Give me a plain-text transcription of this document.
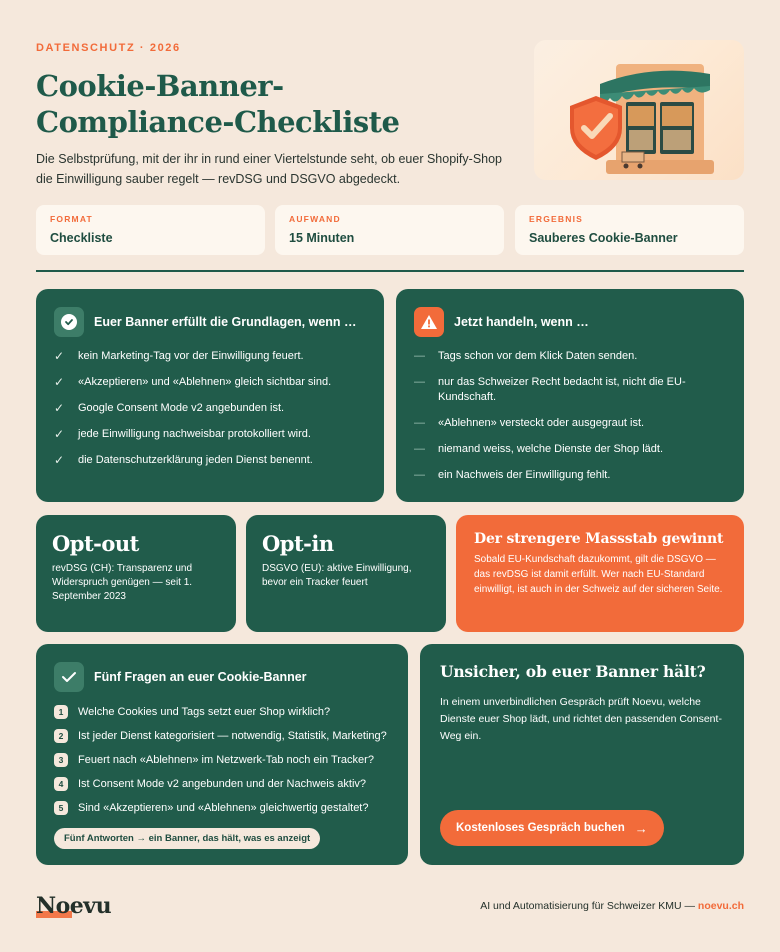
DATENSCHUTZ · 2026
Cookie-Banner-Compliance-Checkliste

Die Selbstprüfung, mit der ihr in rund einer Viertelstunde seht, ob euer Shopify-Shop die Einwilligung sauber regelt — revDSG und DSGVO abgedeckt.

FORMAT
Checkliste
AUFWAND
15 Minuten
ERGEBNIS
Sauberes Cookie-Banner
Euer Banner erfüllt die Grundlagen, wenn …
✓	kein Marketing-Tag vor der Einwilligung feuert.
✓	«Akzeptieren» und «Ablehnen» gleich sichtbar sind.
✓	Google Consent Mode v2 angebunden ist.
✓	jede Einwilligung nachweisbar protokolliert wird.
✓	die Datenschutzerklärung jeden Dienst benennt.
Jetzt handeln, wenn …
—	Tags schon vor dem Klick Daten senden.
—	nur das Schweizer Recht bedacht ist, nicht die EU-Kundschaft.
—	«Ablehnen» versteckt oder ausgegraut ist.
—	niemand weiss, welche Dienste der Shop lädt.
—	ein Nachweis der Einwilligung fehlt.
Opt-out
revDSG (CH): Transparenz und Widerspruch genügen — seit 1. September 2023
Opt-in
DSGVO (EU): aktive Einwilligung, bevor ein Tracker feuert
Der strengere Massstab gewinnt
Sobald EU-Kundschaft dazukommt, gilt die DSGVO — das revDSG ist damit erfüllt. Wer nach EU-Standard einwilligt, ist auch in der Schweiz auf der sicheren Seite.
Fünf Fragen an euer Cookie-Banner
1	Welche Cookies und Tags setzt euer Shop wirklich?
2	Ist jeder Dienst kategorisiert — notwendig, Statistik, Marketing?
3	Feuert nach «Ablehnen» im Netzwerk-Tab noch ein Tracker?
4	Ist Consent Mode v2 angebunden und der Nachweis aktiv?
5	Sind «Akzeptieren» und «Ablehnen» gleichwertig gestaltet?
Fünf Antworten → ein Banner, das hält, was es anzeigt
Unsicher, ob euer Banner hält?
In einem unverbindlichen Gespräch prüft Noevu, welche Dienste euer Shop lädt, und richtet den passenden Consent-Weg ein.
Kostenloses Gespräch buchen →
Noevu	AI und Automatisierung für Schweizer KMU — noevu.ch
